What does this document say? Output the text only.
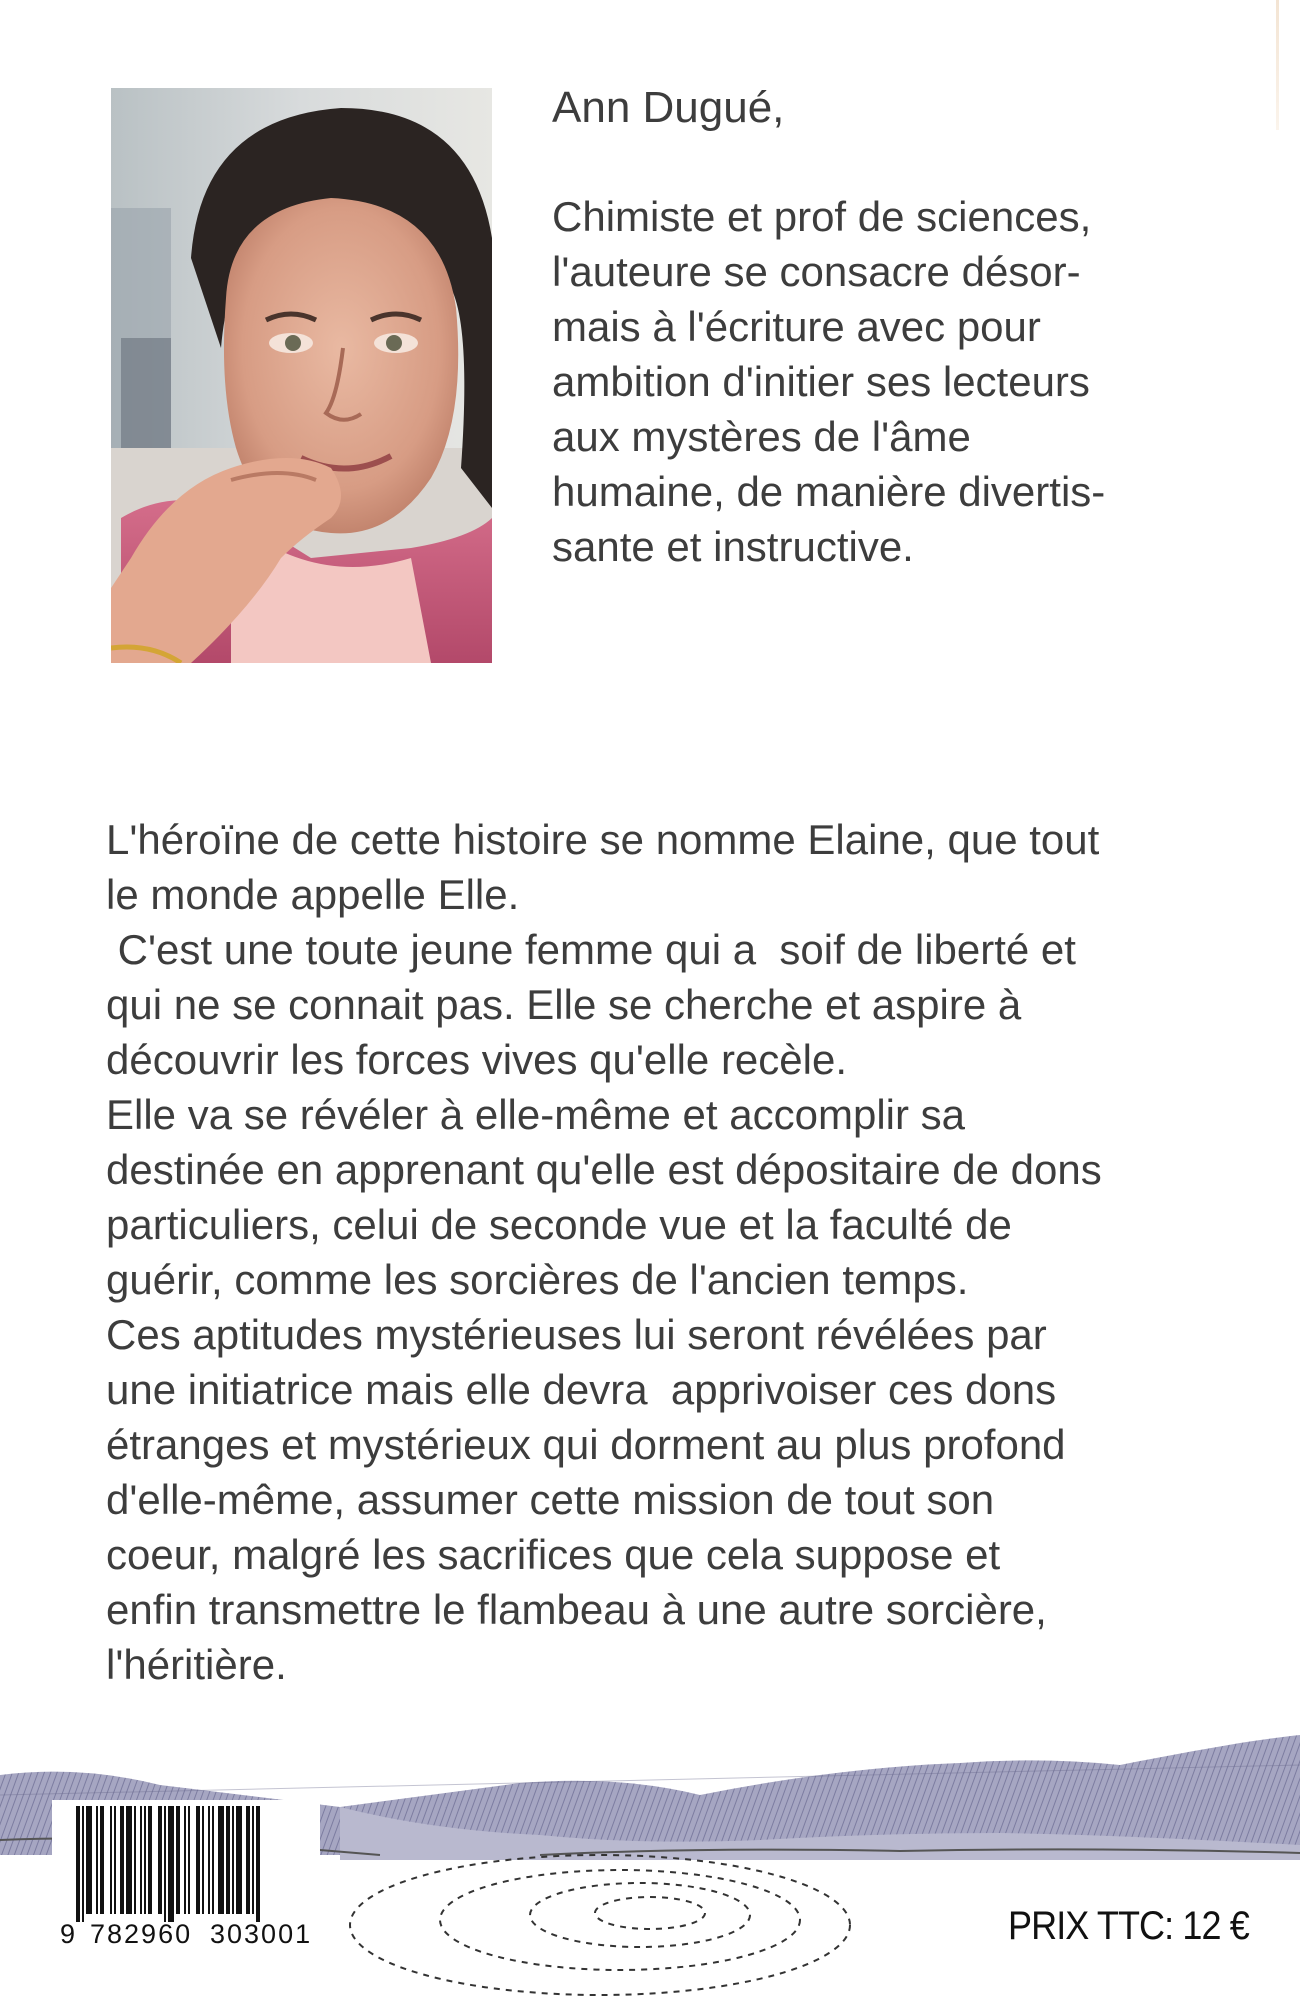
Ann Dugué,
Chimiste et prof de sciences,
l'auteure se consacre désor-
mais à l'écriture avec pour
ambition d'initier ses lecteurs
aux mystères de l'âme
humaine, de manière divertis-
sante et instructive.
L'héroïne de cette histoire se nomme Elaine, que tout
le monde appelle Elle.
C'est une toute jeune femme qui a  soif de liberté et
qui ne se connait pas. Elle se cherche et aspire à
découvrir les forces vives qu'elle recèle.
Elle va se révéler à elle-même et accomplir sa
destinée en apprenant qu'elle est dépositaire de dons
particuliers, celui de seconde vue et la faculté de
guérir, comme les sorcières de l'ancien temps.
Ces aptitudes mystérieuses lui seront révélées par
une initiatrice mais elle devra  apprivoiser ces dons
étranges et mystérieux qui dorment au plus profond
d'elle-même, assumer cette mission de tout son
coeur, malgré les sacrifices que cela suppose et
enfin transmettre le flambeau à une autre sorcière,
l'héritière.
9 782960 303001	PRIX TTC: 12 €
